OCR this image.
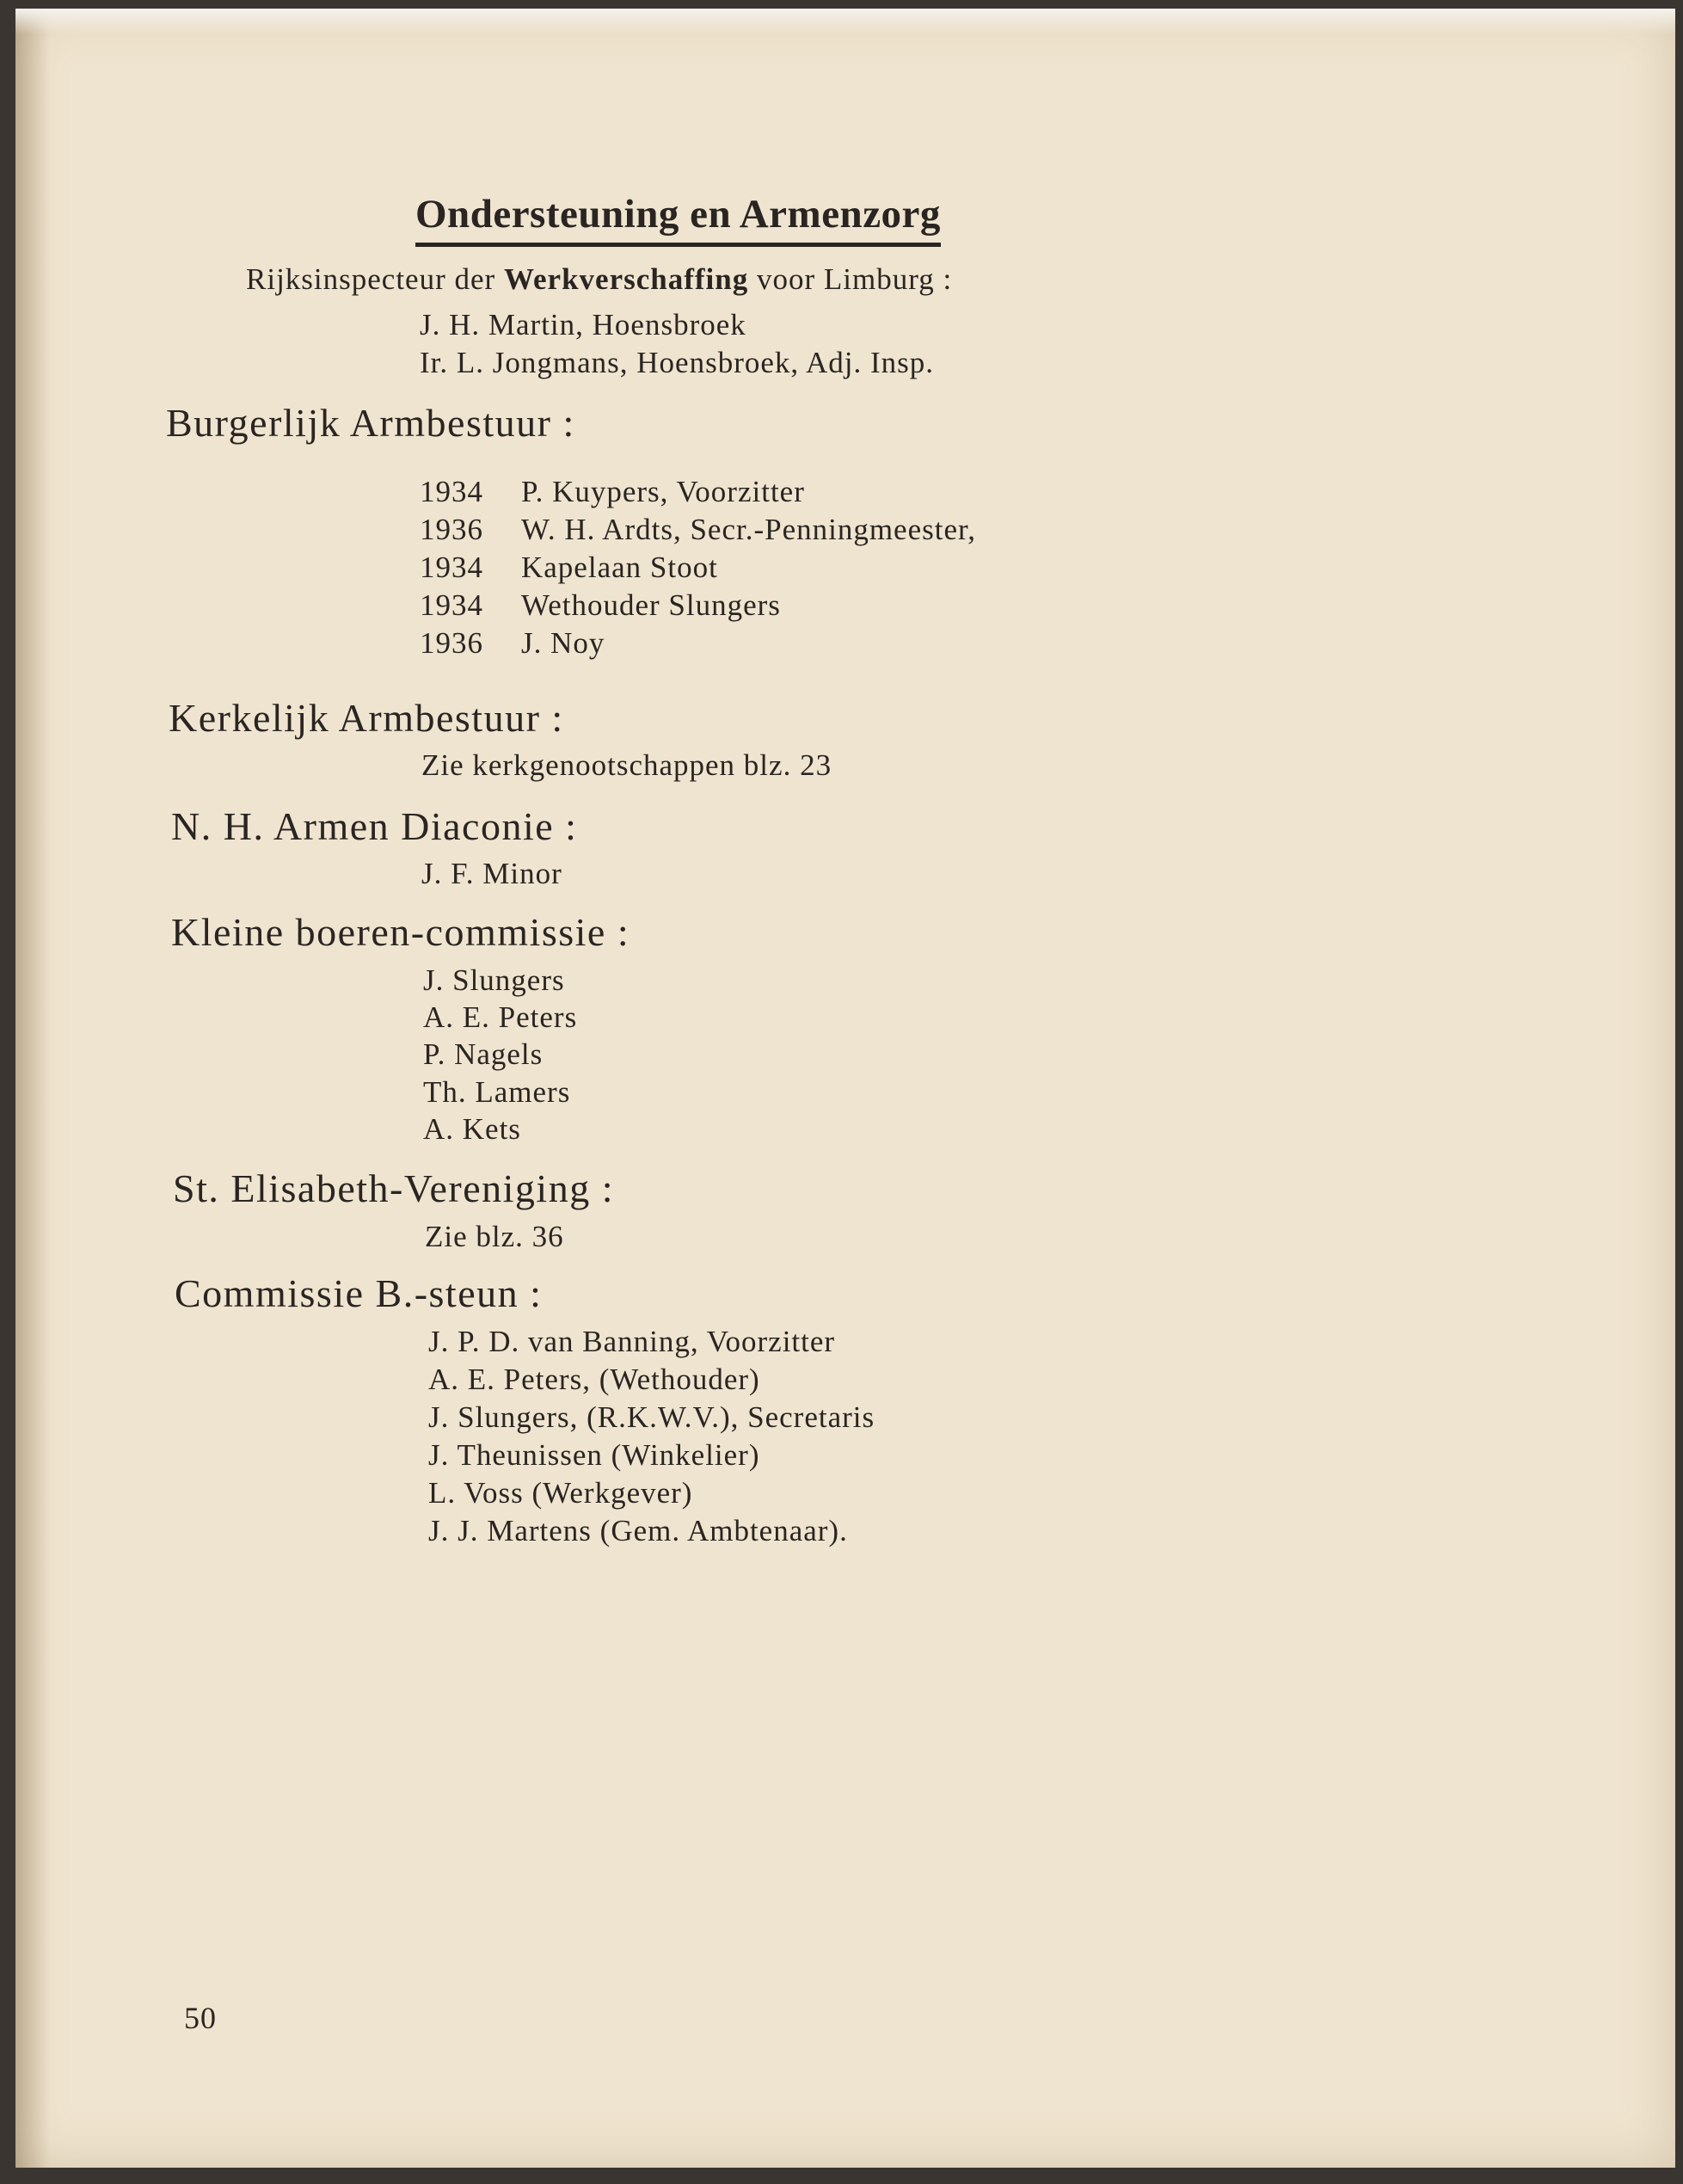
Ondersteuning en Armenzorg
Rijksinspecteur der Werkverschaffing voor Limburg :
J. H. Martin, Hoensbroek
Ir. L. Jongmans, Hoensbroek, Adj. Insp.
Burgerlijk Armbestuur :
1934 P. Kuypers, Voorzitter
1936 W. H. Ardts, Secr.-Penningmeester,
1934 Kapelaan Stoot
1934 Wethouder Slungers
1936 J. Noy
Kerkelijk Armbestuur :
Zie kerkgenootschappen blz. 23
N. H. Armen Diaconie :
J. F. Minor
Kleine boeren-commissie :
J. Slungers
A. E. Peters
P. Nagels
Th. Lamers
A. Kets
St. Elisabeth-Vereniging :
Zie blz. 36
Commissie B.-steun :
J. P. D. van Banning, Voorzitter
A. E. Peters, (Wethouder)
J. Slungers, (R.K.W.V.), Secretaris
J. Theunissen (Winkelier)
L. Voss (Werkgever)
J. J. Martens (Gem. Ambtenaar).
50
